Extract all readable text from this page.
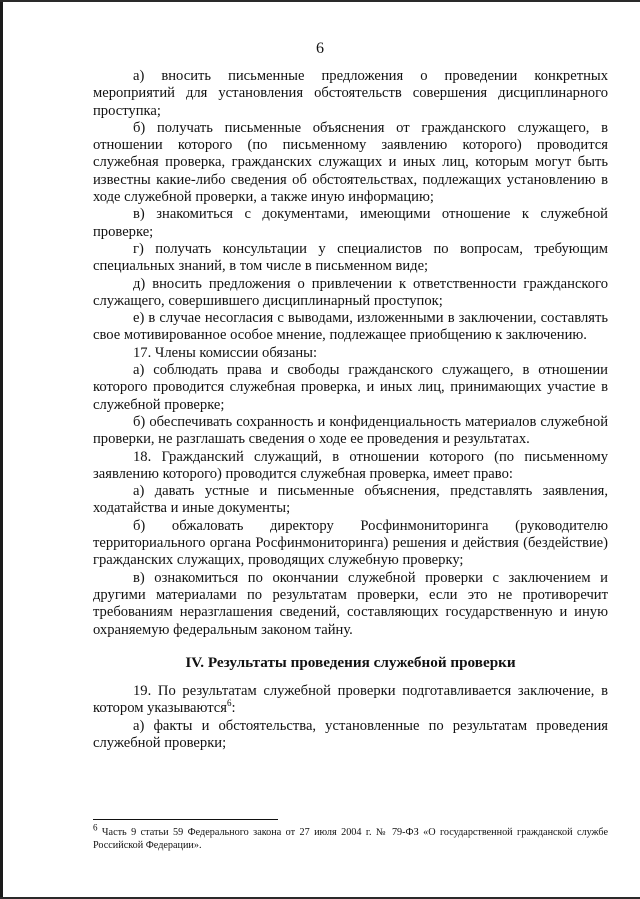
6

а) вносить письменные предложения о проведении конкретных мероприятий для установления обстоятельств совершения дисциплинарного проступка;

б) получать письменные объяснения от гражданского служащего, в отношении которого (по письменному заявлению которого) проводится служебная проверка, гражданских служащих и иных лиц, которым могут быть известны какие-либо сведения об обстоятельствах, подлежащих установлению в ходе служебной проверки, а также иную информацию;

в) знакомиться с документами, имеющими отношение к служебной проверке;

г) получать консультации у специалистов по вопросам, требующим специальных знаний, в том числе в письменном виде;

д) вносить предложения о привлечении к ответственности гражданского служащего, совершившего дисциплинарный проступок;

е) в случае несогласия с выводами, изложенными в заключении, составлять свое мотивированное особое мнение, подлежащее приобщению к заключению.

17. Члены комиссии обязаны:

а) соблюдать права и свободы гражданского служащего, в отношении которого проводится служебная проверка, и иных лиц, принимающих участие в служебной проверке;

б) обеспечивать сохранность и конфиденциальность материалов служебной проверки, не разглашать сведения о ходе ее проведения и результатах.

18. Гражданский служащий, в отношении которого (по письменному заявлению которого) проводится служебная проверка, имеет право:

а) давать устные и письменные объяснения, представлять заявления, ходатайства и иные документы;

б) обжаловать директору Росфинмониторинга (руководителю территориального органа Росфинмониторинга) решения и действия (бездействие) гражданских служащих, проводящих служебную проверку;

в) ознакомиться по окончании служебной проверки с заключением и другими материалами по результатам проверки, если это не противоречит требованиям неразглашения сведений, составляющих государственную и иную охраняемую федеральным законом тайну.

IV. Результаты проведения служебной проверки

19. По результатам служебной проверки подготавливается заключение, в котором указываются$^6$:

а) факты и обстоятельства, установленные по результатам проведения служебной проверки;

$^6$ Часть 9 статьи 59 Федерального закона от 27 июля 2004 г. № 79-ФЗ «О государственной гражданской службе Российской Федерации».
